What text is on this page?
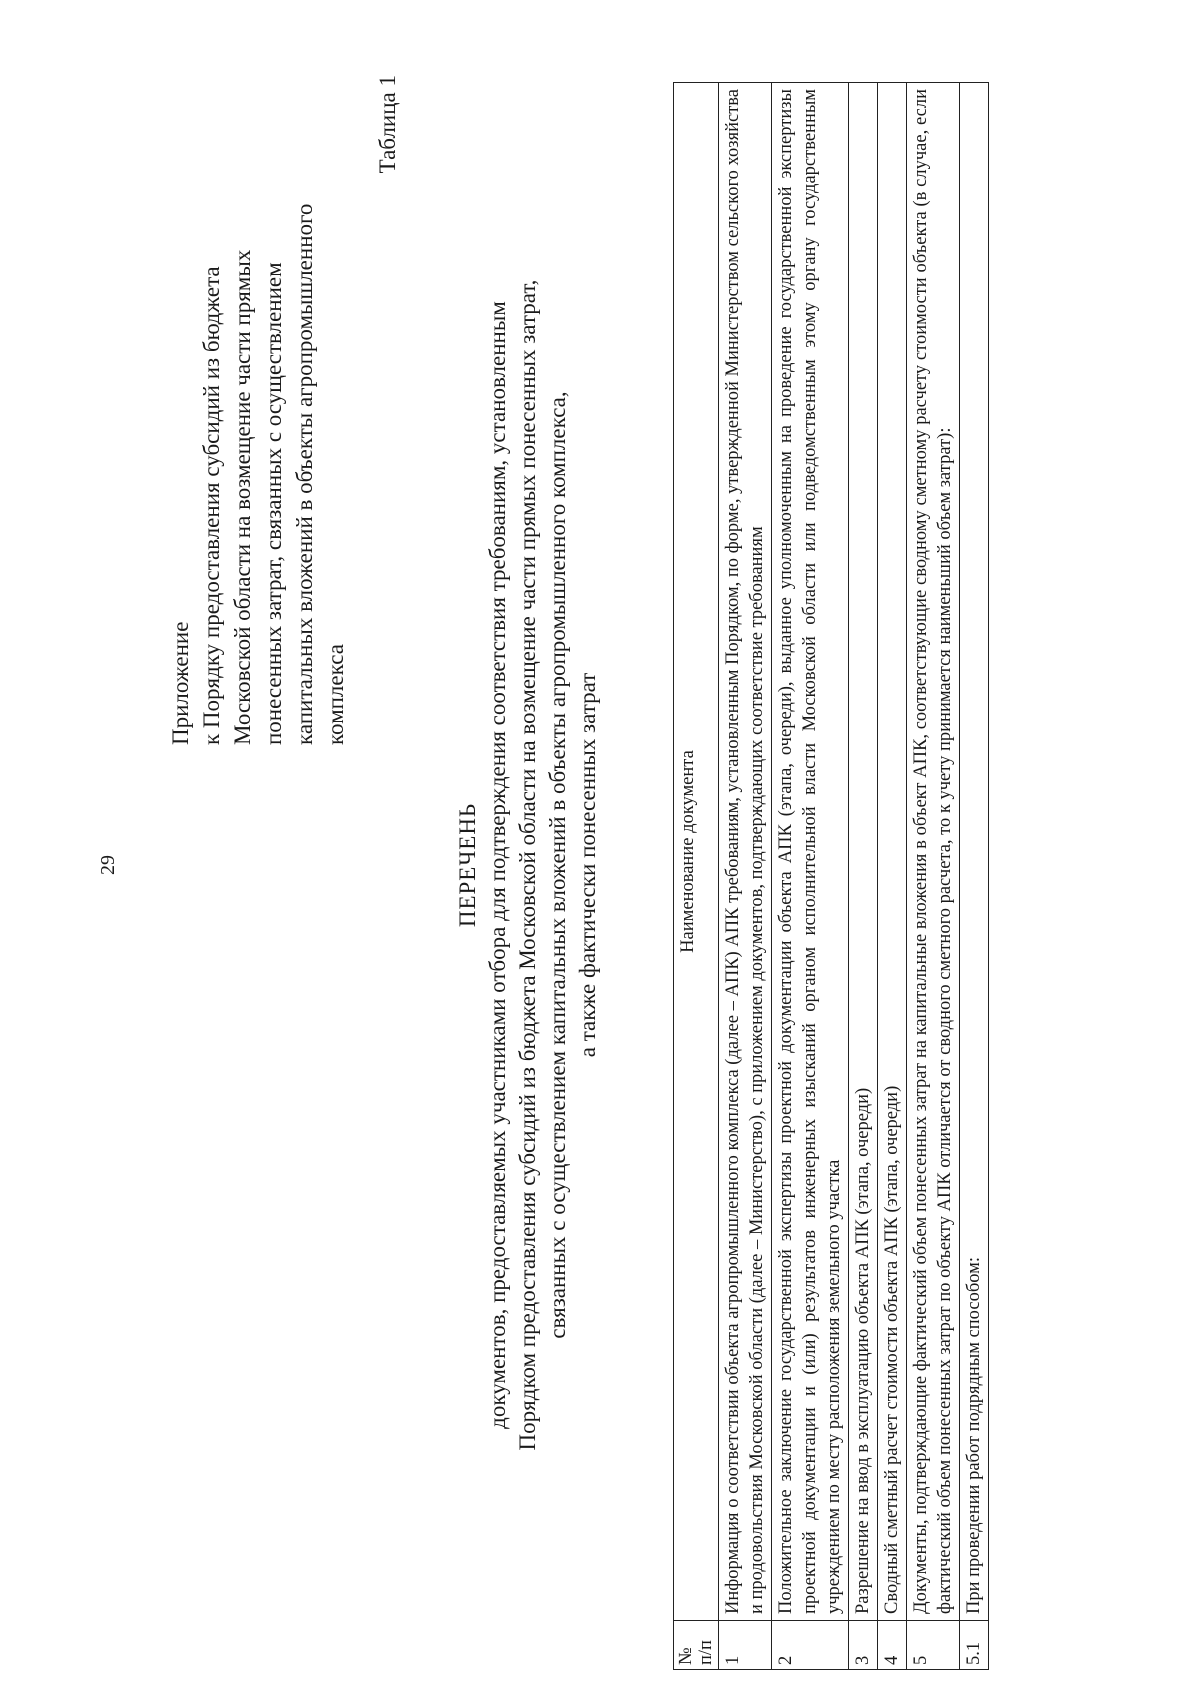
29
Приложение к Порядку предоставления субсидий из бюджета Московской области на возмещение части прямых понесенных затрат, связанных с осуществлением капитальных вложений в объекты агропромышленного комплекса
Таблица 1
ПЕРЕЧЕНЬ документов, предоставляемых участниками отбора для подтверждения соответствия требованиям, установленным Порядком предоставления субсидий из бюджета Московской области на возмещение части прямых понесенных затрат, связанных с осуществлением капитальных вложений в объекты агропромышленного комплекса, а также фактически понесенных затрат
№ п/п	Наименование документа
1	Информация о соответствии объекта агропромышленного комплекса (далее – АПК) АПК требованиям, установленным Порядком, по форме, утвержденной Министерством сельского хозяйства и продовольствия Московской области (далее – Министерство), с приложением документов, подтверждающих соответствие требованиям
2	Положительное заключение государственной экспертизы проектной документации объекта АПК (этапа, очереди), выданное уполномоченным на проведение государственной экспертизы проектной документации и (или) результатов инженерных изысканий органом исполнительной власти Московской области или подведомственным этому органу государственным учреждением по месту расположения земельного участка
3	Разрешение на ввод в эксплуатацию объекта АПК (этапа, очереди)
4	Сводный сметный расчет стоимости объекта АПК (этапа, очереди)
5	Документы, подтверждающие фактический объем понесенных затрат на капитальные вложения в объект АПК, соответствующие сводному сметному расчету стоимости объекта (в случае, если фактический объем понесенных затрат по объекту АПК отличается от сводного сметного расчета, то к учету принимается наименьший объем затрат):
5.1	При проведении работ подрядным способом:
